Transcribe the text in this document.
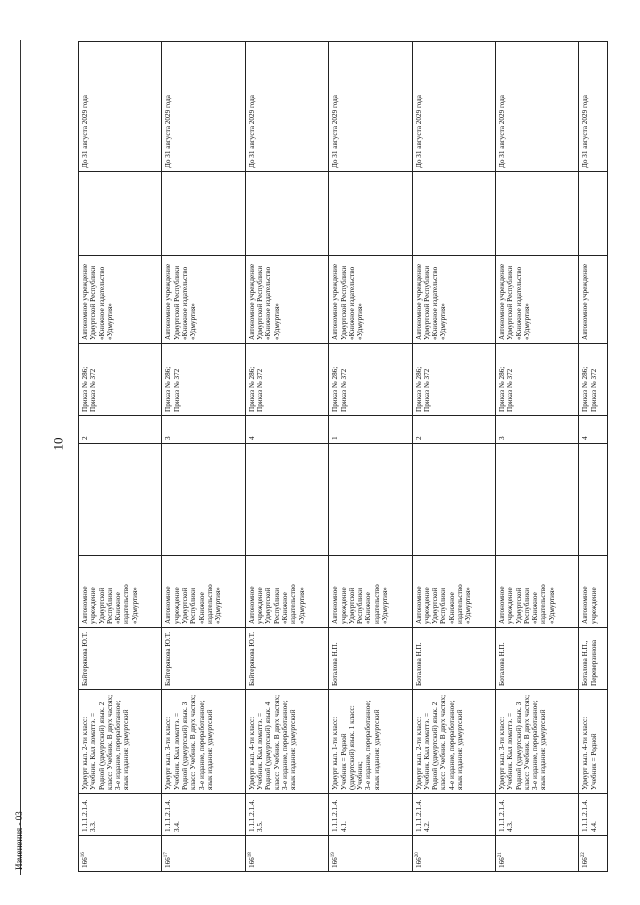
10
Изменения - 03	$166^{16}$	1.1.1.2.1.4.3.3.	Удмурт кыл. 2-ти класс: Учебник. Кыл ломаттэ. = Родной (удмуртский) язык. 2 класс: Учебник. В двух частях;
3-е издание, переработанное; язык издания: удмуртский	Байтерякова Ю.Т.	Автономное учреждение Удмуртской Республики «Книжное издательство «Удмуртия»		2	Приказ № 286; Приказ № 372	Автономное учреждение Удмуртской Республики «Книжное издательство «Удмуртия»		До 31 августа 2029 года
$166^{17}$	1.1.1.2.1.4.3.4.	Удмурт кыл. 3-ти класс: Учебник. Кыл ломаттэ. = Родной (удмуртский) язык. 3 класс: Учебник. В двух частях;
3-е издание, переработанное; язык издания: удмуртский	Байтерякова Ю.Т.	Автономное учреждение Удмуртской Республики «Книжное издательство «Удмуртия»		3	Приказ № 286; Приказ № 372	Автономное учреждение Удмуртской Республики «Книжное издательство «Удмуртия»		До 31 августа 2029 года
$166^{18}$	1.1.1.2.1.4.3.5.	Удмурт кыл. 4-ти класс: Учебник. Кыл ломаттэ. = Родной (удмуртский) язык. 4 класс: Учебник. В двух частях;
3-е издание, переработанное; язык издания: удмуртский	Байтерякова Ю.Т.	Автономное учреждение Удмуртской Республики «Книжное издательство «Удмуртия»		4	Приказ № 286; Приказ № 372	Автономное учреждение Удмуртской Республики «Книжное издательство «Удмуртия»		До 31 августа 2029 года
$166^{19}$	1.1.1.2.1.4.4.1.	Удмурт кыл. 1-ти класс: Учебник = Родной (удмуртский) язык. 1 класс: Учебник;
3-е издание, переработанное; язык издания: удмуртский	Боталова Н.П.	Автономное учреждение Удмуртской Республики «Книжное издательство «Удмуртия»		1	Приказ № 286; Приказ № 372	Автономное учреждение Удмуртской Республики «Книжное издательство «Удмуртия»		До 31 августа 2029 года
$166^{20}$	1.1.1.2.1.4.4.2.	Удмурт кыл. 2-ти класс: Учебник. Кыл ломаттэ. = Родной (удмуртский) язык. 2 класс: Учебник. В двух частях;
4-е издание, переработанное; язык издания: удмуртский	Боталова Н.П.	Автономное учреждение Удмуртской Республики «Книжное издательство «Удмуртия»		2	Приказ № 286; Приказ № 372	Автономное учреждение Удмуртской Республики «Книжное издательство «Удмуртия»		До 31 августа 2029 года
$166^{21}$	1.1.1.2.1.4.4.3.	Удмурт кыл. 3-ти класс: Учебник. Кыл ломаттэ. = Родной (удмуртский) язык. 3 класс: Учебник. В двух частях;
3-е издание, переработанное; язык издания: удмуртский	Боталова Н.П.	Автономное учреждение Удмуртской Республики «Книжное издательство «Удмуртия»		3	Приказ № 286; Приказ № 372	Автономное учреждение Удмуртской Республики «Книжное издательство «Удмуртия»		До 31 августа 2029 года
$166^{22}$	1.1.1.2.1.4.4.4.	Удмурт кыл. 4-ти класс: Учебник = Родной	Боталова Н.П., Переверзинова	Автономное учреждение		4	Приказ № 286; Приказ № 372	Автономное учреждение		До 31 августа 2029 года
